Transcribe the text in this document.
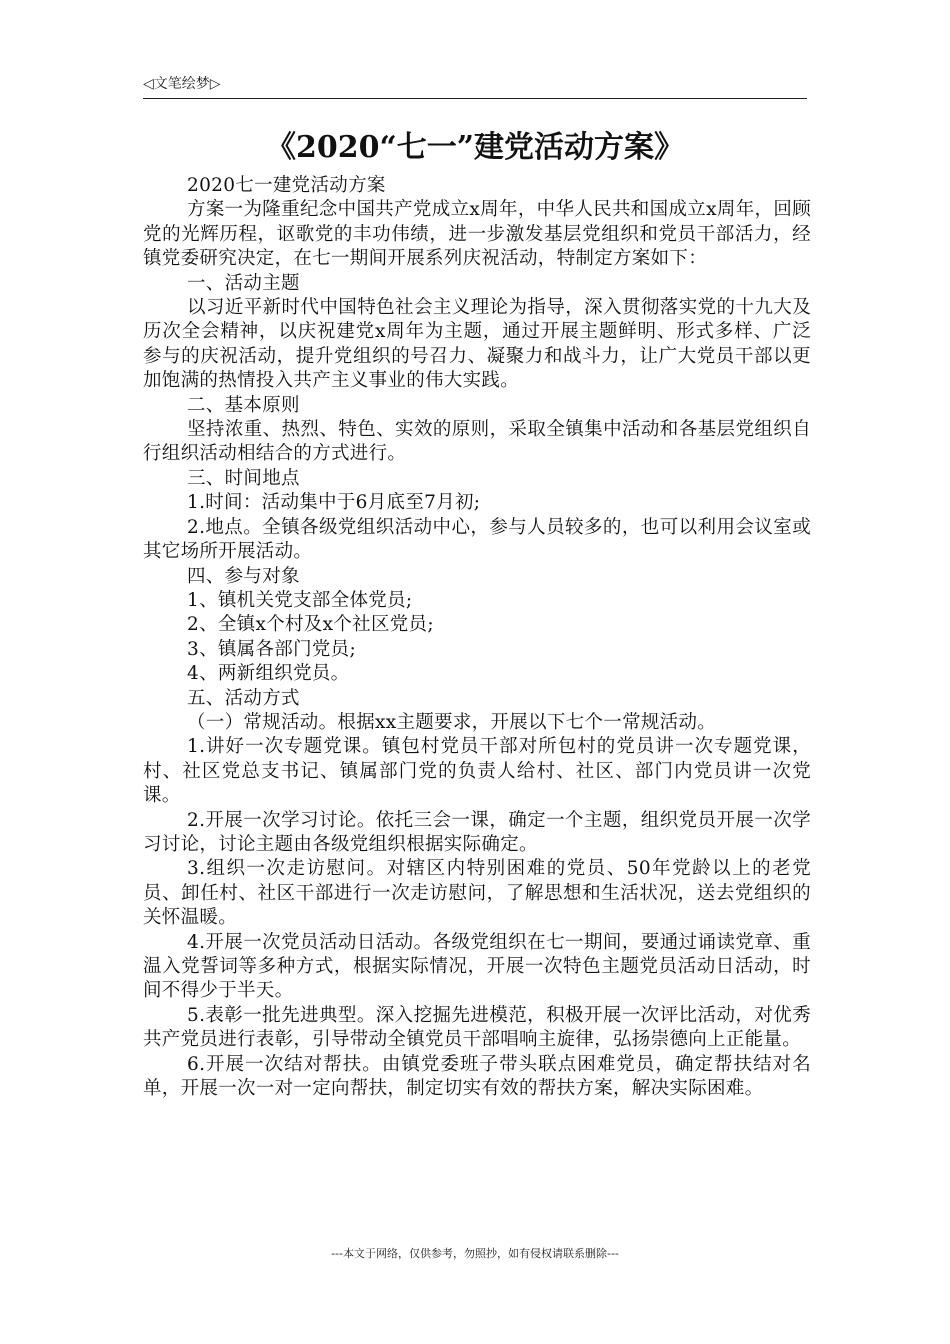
◁文笔绘梦▷
《2020“七一”建党活动方案》

2020七一建党活动方案

方案一为隆重纪念中国共产党成立x周年，中华人民共和国成立x周年，回顾党的光辉历程，讴歌党的丰功伟绩，进一步激发基层党组织和党员干部活力，经镇党委研究决定，在七一期间开展系列庆祝活动，特制定方案如下：

一、活动主题

以习近平新时代中国特色社会主义理论为指导，深入贯彻落实党的十九大及历次全会精神，以庆祝建党x周年为主题，通过开展主题鲜明、形式多样、广泛参与的庆祝活动，提升党组织的号召力、凝聚力和战斗力，让广大党员干部以更加饱满的热情投入共产主义事业的伟大实践。

二、基本原则

坚持浓重、热烈、特色、实效的原则，采取全镇集中活动和各基层党组织自行组织活动相结合的方式进行。

三、时间地点

1.时间：活动集中于6月底至7月初;

2.地点。全镇各级党组织活动中心，参与人员较多的，也可以利用会议室或其它场所开展活动。

四、参与对象

1、镇机关党支部全体党员;

2、全镇x个村及x个社区党员;

3、镇属各部门党员;

4、两新组织党员。

五、活动方式

（一）常规活动。根据xx主题要求，开展以下七个一常规活动。

1.讲好一次专题党课。镇包村党员干部对所包村的党员讲一次专题党课，村、社区党总支书记、镇属部门党的负责人给村、社区、部门内党员讲一次党课。

2.开展一次学习讨论。依托三会一课，确定一个主题，组织党员开展一次学习讨论，讨论主题由各级党组织根据实际确定。

3.组织一次走访慰问。对辖区内特别困难的党员、50年党龄以上的老党员、卸任村、社区干部进行一次走访慰问，了解思想和生活状况，送去党组织的关怀温暖。

4.开展一次党员活动日活动。各级党组织在七一期间，要通过诵读党章、重温入党誓词等多种方式，根据实际情况，开展一次特色主题党员活动日活动，时间不得少于半天。

5.表彰一批先进典型。深入挖掘先进模范，积极开展一次评比活动，对优秀共产党员进行表彰，引导带动全镇党员干部唱响主旋律，弘扬崇德向上正能量。

6.开展一次结对帮扶。由镇党委班子带头联点困难党员，确定帮扶结对名单，开展一次一对一定向帮扶，制定切实有效的帮扶方案，解决实际困难。

---本文于网络，仅供参考，勿照抄，如有侵权请联系删除---
